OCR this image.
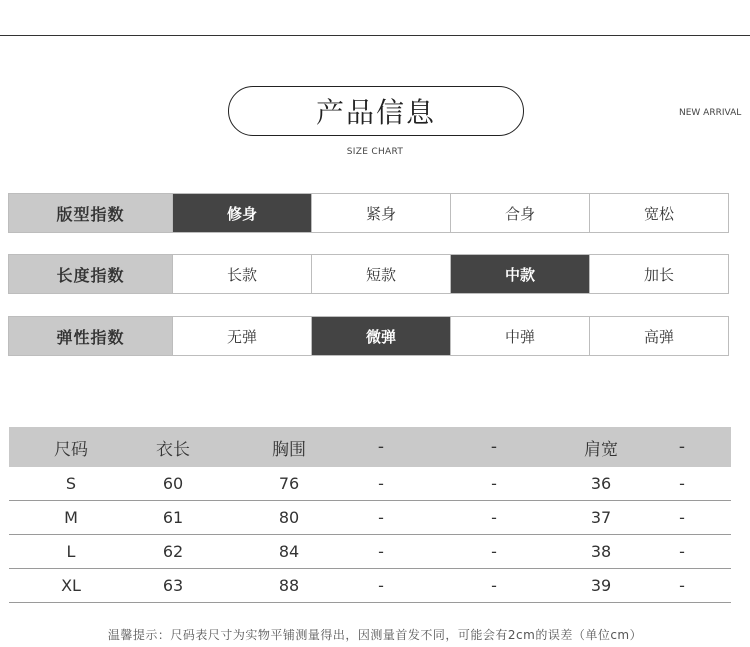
产品信息
SIZE CHART
NEW ARRIVAL
版型指数	修身	紧身	合身	宽松
长度指数	长款	短款	中款	加长
弹性指数	无弹	微弹	中弹	高弹
尺码	衣长	胸围	-	-	肩宽	-
S	60	76	-	-	36	-
M	61	80	-	-	37	-
L	62	84	-	-	38	-
XL	63	88	-	-	39	-
温馨提示：尺码表尺寸为实物平铺测量得出，因测量首发不同，可能会有2cm的误差（单位cm）
